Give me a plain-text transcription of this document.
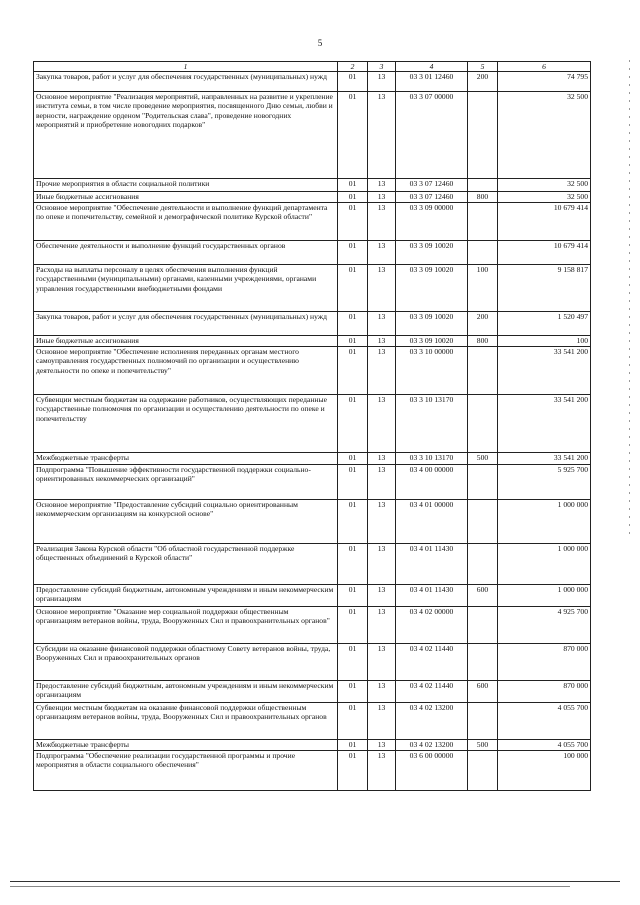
5
1	2	3	4	5	6
Закупка товаров, работ и услуг для обеспечения государственных (муниципальных) нужд	01	13	03 3 01 12460	200	74 795
Основное мероприятие "Реализация мероприятий, направленных на развитие и укрепление института семьи, в том числе проведение мероприятия, посвященного Дню семьи, любви и верности, награждение орденом "Родительская слава", проведение новогодних мероприятий и приобретение новогодних подарков"	01	13	03 3 07 00000		32 500
Прочие мероприятия в области социальной политики	01	13	03 3 07 12460		32 500
Иные бюджетные ассигнования	01	13	03 3 07 12460	800	32 500
Основное мероприятие "Обеспечение деятельности и выполнение функций департамента по опеке и попечительству, семейной и демографической политике Курской области"	01	13	03 3 09 00000		10 679 414
Обеспечение деятельности и выполнение функций государственных органов	01	13	03 3 09 10020		10 679 414
Расходы на выплаты персоналу в целях обеспечения выполнения функций государственными (муниципальными) органами, казенными учреждениями, органами управления государственными внебюджетными фондами	01	13	03 3 09 10020	100	9 158 817
Закупка товаров, работ и услуг для обеспечения государственных (муниципальных) нужд	01	13	03 3 09 10020	200	1 520 497
Иные бюджетные ассигнования	01	13	03 3 09 10020	800	100
Основное мероприятие "Обеспечение исполнения переданных органам местного самоуправления государственных полномочий по организации и осуществлению деятельности по опеке и попечительству"	01	13	03 3 10 00000		33 541 200
Субвенции местным бюджетам на содержание работников, осуществляющих переданные государственные полномочия по организации и осуществлению деятельности по опеке и попечительству	01	13	03 3 10 13170		33 541 200
Межбюджетные трансферты	01	13	03 3 10 13170	500	33 541 200
Подпрограмма "Повышение эффективности государственной поддержки социально-ориентированных некоммерческих организаций"	01	13	03 4 00 00000		5 925 700
Основное мероприятие "Предоставление субсидий социально ориентированным некоммерческим организациям на конкурсной основе"	01	13	03 4 01 00000		1 000 000
Реализация Закона Курской области "Об областной государственной поддержке общественных объединений в Курской области"	01	13	03 4 01 11430		1 000 000
Предоставление субсидий бюджетным, автономным учреждениям и иным некоммерческим организациям	01	13	03 4 01 11430	600	1 000 000
Основное мероприятие "Оказание мер социальной поддержки общественным организациям ветеранов войны, труда, Вооруженных Сил и правоохранительных органов"	01	13	03 4 02 00000		4 925 700
Субсидии на оказание финансовой поддержки областному Совету ветеранов войны, труда, Вооруженных Сил и правоохранительных органов	01	13	03 4 02 11440		870 000
Предоставление субсидий бюджетным, автономным учреждениям и иным некоммерческим организациям	01	13	03 4 02 11440	600	870 000
Субвенции местным бюджетам на оказание финансовой поддержки общественным организациям ветеранов войны, труда, Вооруженных Сил и правоохранительных органов	01	13	03 4 02 13200		4 055 700
Межбюджетные трансферты	01	13	03 4 02 13200	500	4 055 700
Подпрограмма "Обеспечение реализации государственной программы и прочие мероприятия в области социального обеспечения"	01	13	03 6 00 00000		100 000
